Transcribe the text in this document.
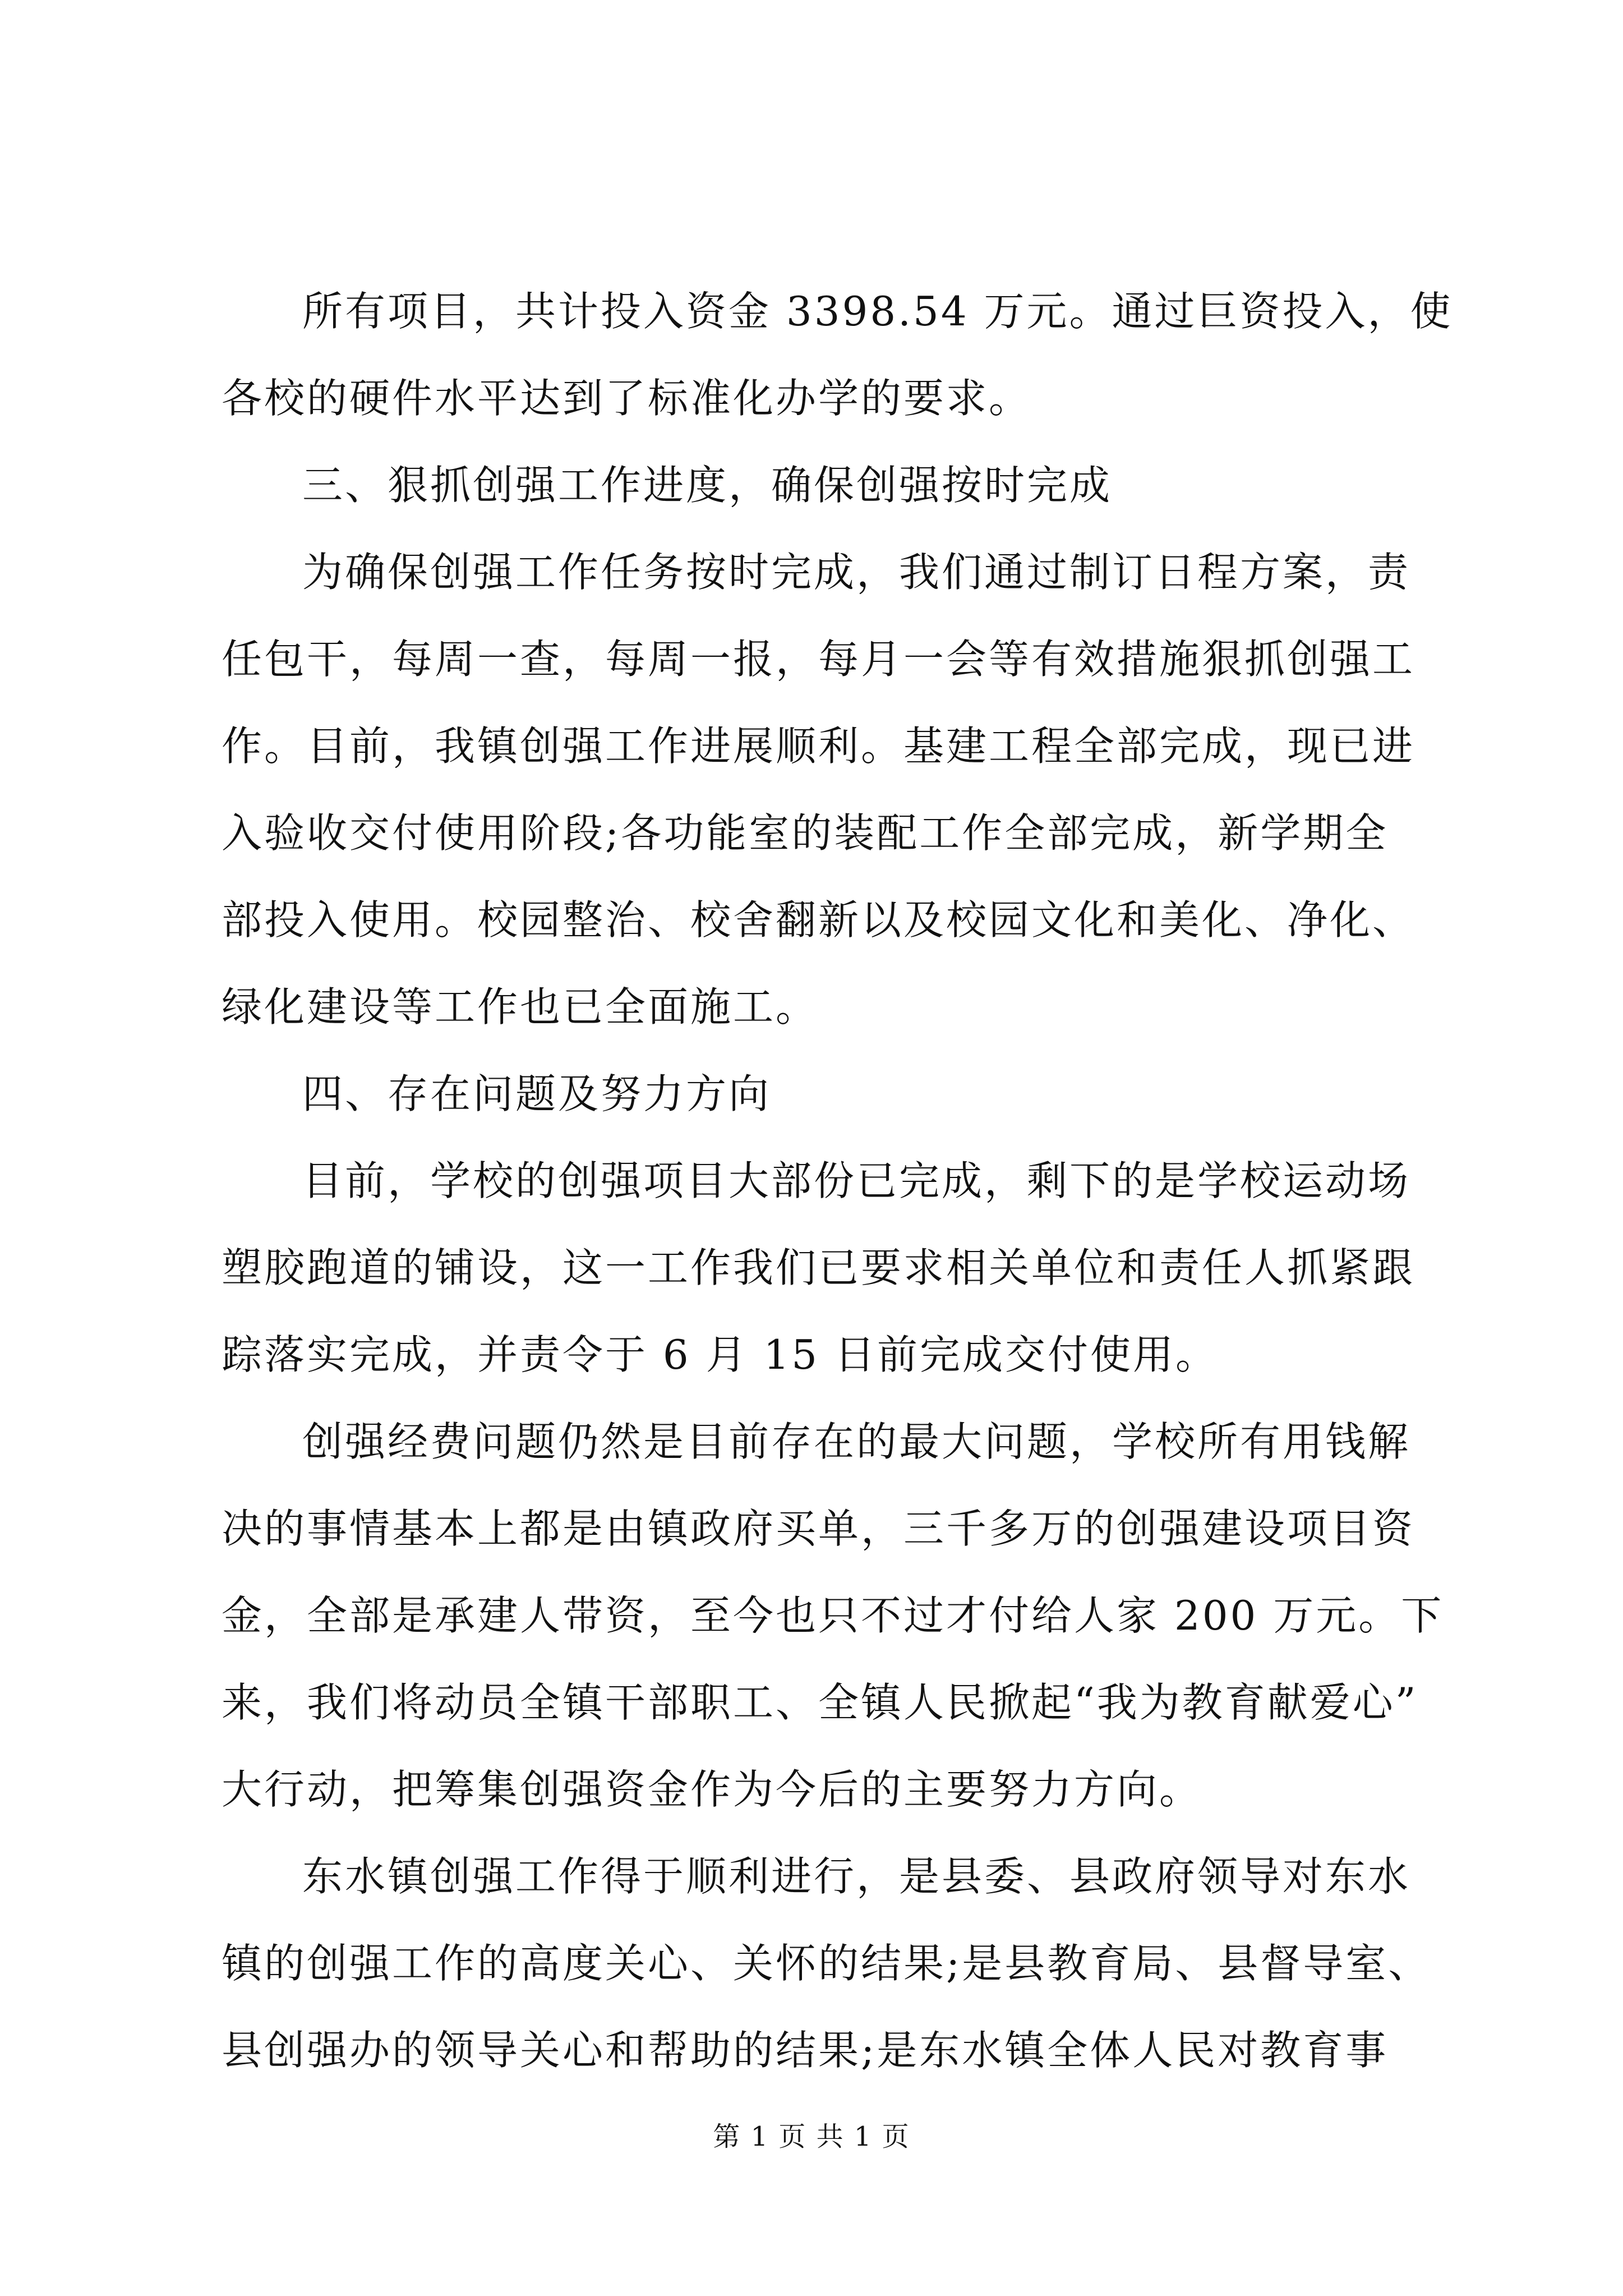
所有项目，共计投入资金 3398.54 万元。通过巨资投入，使
各校的硬件水平达到了标准化办学的要求。
三、狠抓创强工作进度，确保创强按时完成
为确保创强工作任务按时完成，我们通过制订日程方案，责
任包干，每周一查，每周一报，每月一会等有效措施狠抓创强工
作。目前，我镇创强工作进展顺利。基建工程全部完成，现已进
入验收交付使用阶段;各功能室的装配工作全部完成，新学期全
部投入使用。校园整治、校舍翻新以及校园文化和美化、净化、
绿化建设等工作也已全面施工。
四、存在问题及努力方向
目前，学校的创强项目大部份已完成，剩下的是学校运动场
塑胶跑道的铺设，这一工作我们已要求相关单位和责任人抓紧跟
踪落实完成，并责令于 6 月 15 日前完成交付使用。
创强经费问题仍然是目前存在的最大问题，学校所有用钱解
决的事情基本上都是由镇政府买单，三千多万的创强建设项目资
金，全部是承建人带资，至今也只不过才付给人家 200 万元。下
来，我们将动员全镇干部职工、全镇人民掀起“我为教育献爱心”
大行动，把筹集创强资金作为今后的主要努力方向。
东水镇创强工作得于顺利进行，是县委、县政府领导对东水
镇的创强工作的高度关心、关怀的结果;是县教育局、县督导室、
县创强办的领导关心和帮助的结果;是东水镇全体人民对教育事
第 1 页 共 1 页
